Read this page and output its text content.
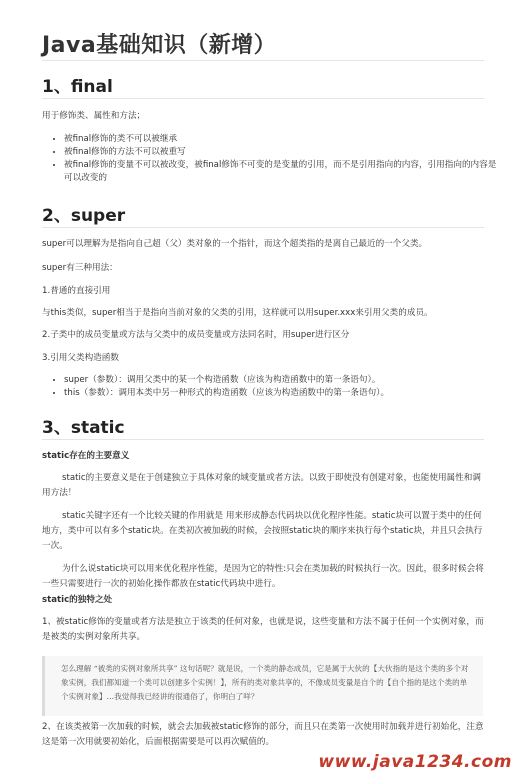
Java基础知识（新增）
1、final
用于修饰类、属性和方法；
• 被final修饰的类不可以被继承
• 被final修饰的方法不可以被重写
• 被final修饰的变量不可以被改变，被final修饰不可变的是变量的引用，而不是引用指向的内容，引用指向的内容是可以改变的
2、super
super可以理解为是指向自己超（父）类对象的一个指针，而这个超类指的是离自己最近的一个父类。
super有三种用法：
1.普通的直接引用
与this类似，super相当于是指向当前对象的父类的引用，这样就可以用super.xxx来引用父类的成员。
2.子类中的成员变量或方法与父类中的成员变量或方法同名时，用super进行区分
3.引用父类构造函数
• super（参数）：调用父类中的某一个构造函数（应该为构造函数中的第一条语句）。
• this（参数）：调用本类中另一种形式的构造函数（应该为构造函数中的第一条语句）。
3、static
static存在的主要意义
static的主要意义是在于创建独立于具体对象的域变量或者方法。以致于即使没有创建对象，也能使用属性和调用方法！
static关键字还有一个比较关键的作用就是 用来形成静态代码块以优化程序性能。static块可以置于类中的任何地方，类中可以有多个static块。在类初次被加载的时候，会按照static块的顺序来执行每个static块，并且只会执行一次。
为什么说static块可以用来优化程序性能，是因为它的特性:只会在类加载的时候执行一次。因此，很多时候会将一些只需要进行一次的初始化操作都放在static代码块中进行。
static的独特之处
1、被static修饰的变量或者方法是独立于该类的任何对象，也就是说，这些变量和方法不属于任何一个实例对象，而是被类的实例对象所共享。
怎么理解 “被类的实例对象所共享” 这句话呢？就是说，一个类的静态成员，它是属于大伙的【大伙指的是这个类的多个对象实例，我们都知道一个类可以创建多个实例！】，所有的类对象共享的，不像成员变量是自个的【自个指的是这个类的单个实例对象】…我觉得我已经讲的很通俗了，你明白了咩？
2、在该类被第一次加载的时候，就会去加载被static修饰的部分，而且只在类第一次使用时加载并进行初始化，注意这是第一次用就要初始化，后面根据需要是可以再次赋值的。
www.java1234.com
